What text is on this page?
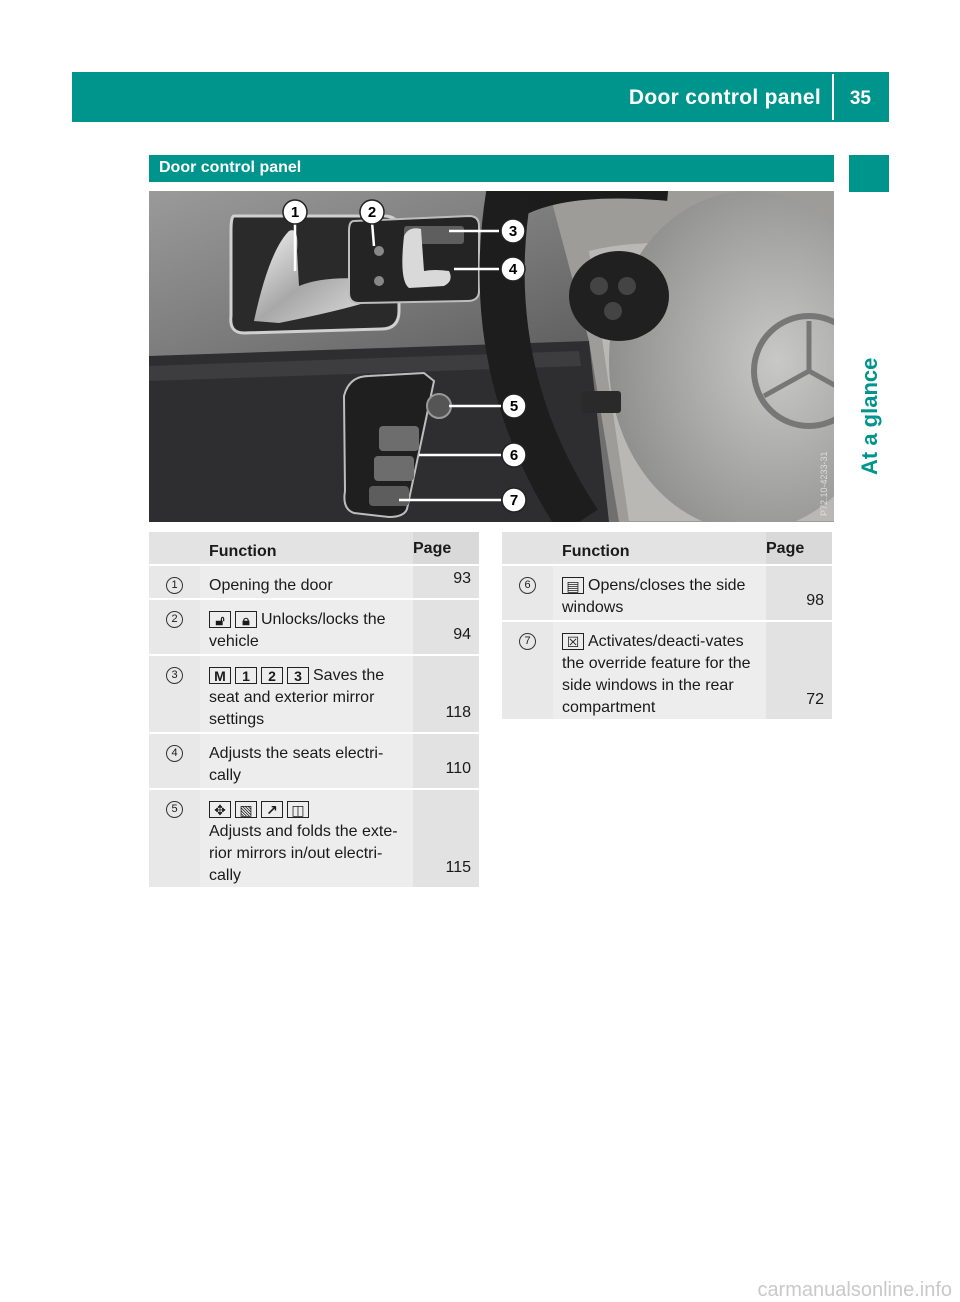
Door control panel 35
At a glance
Door control panel
1	2
3
4
5
6
7	P72.10-4233-31
	Function	Page
1	Opening the door	93

2	🔓︎ 🔒︎ Unlocks/locks the vehicle	94

3	M 1 2 3 Saves the seat and exterior mirror settings	118

4	Adjusts the seats electri-cally	110

5	✥ ▧ ↗ ◫
Adjusts and folds the exte-rior mirrors in/out electri-cally	115
	Function	Page
6	▤ Opens/closes the side windows	98

7	☒ Activates/deacti-vates the override feature for the side windows in the rear compartment	72
carmanualsonline.info
